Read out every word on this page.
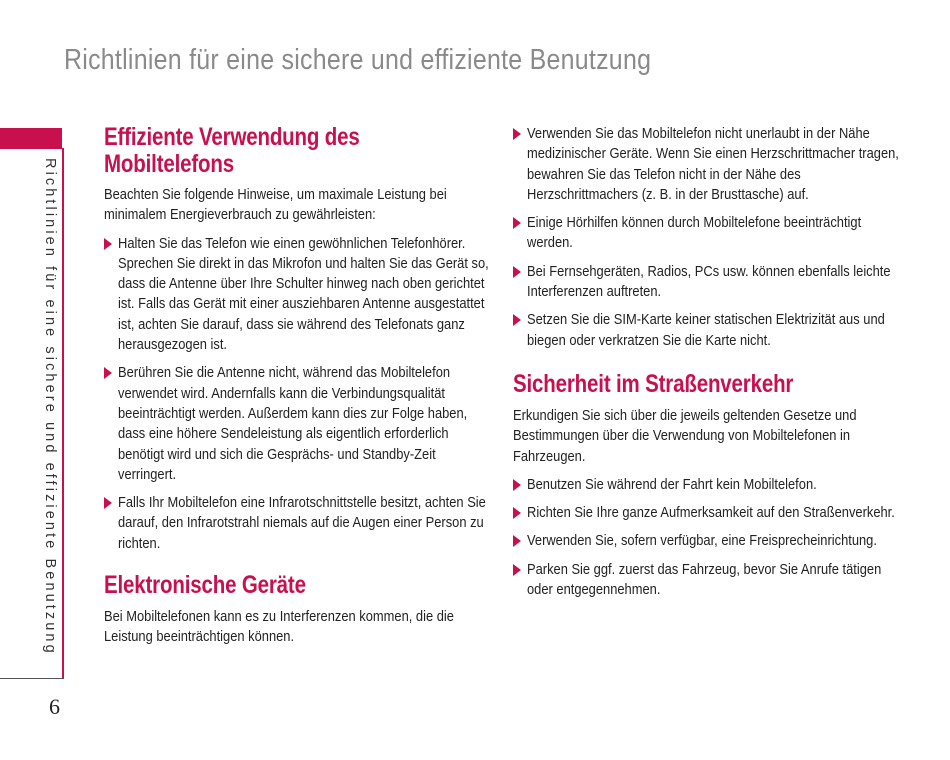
Richtlinien für eine sichere und effiziente Benutzung
Richtlinien für eine sichere und effiziente Benutzung
6
Effiziente Verwendung des Mobiltelefons

Beachten Sie folgende Hinweise, um maximale Leistung bei minimalem Energieverbrauch zu gewährleisten:

Halten Sie das Telefon wie einen gewöhnlichen Telefonhörer. Sprechen Sie direkt in das Mikrofon und halten Sie das Gerät so, dass die Antenne über Ihre Schulter hinweg nach oben gerichtet ist. Falls das Gerät mit einer ausziehbaren Antenne ausgestattet ist, achten Sie darauf, dass sie während des Telefonats ganz herausgezogen ist.
Berühren Sie die Antenne nicht, während das Mobiltelefon verwendet wird. Andernfalls kann die Verbindungsqualität beeinträchtigt werden. Außerdem kann dies zur Folge haben, dass eine höhere Sendeleistung als eigentlich erforderlich benötigt wird und sich die Gesprächs- und Standby-Zeit verringert.
Falls Ihr Mobiltelefon eine Infrarotschnittstelle besitzt, achten Sie darauf, den Infrarotstrahl niemals auf die Augen einer Person zu richten.
Elektronische Geräte

Bei Mobiltelefonen kann es zu Interferenzen kommen, die die Leistung beeinträchtigen können.

Verwenden Sie das Mobiltelefon nicht unerlaubt in der Nähe medizinischer Geräte. Wenn Sie einen Herzschrittmacher tragen, bewahren Sie das Telefon nicht in der Nähe des Herzschrittmachers (z. B. in der Brusttasche) auf.
Einige Hörhilfen können durch Mobiltelefone beeinträchtigt werden.
Bei Fernsehgeräten, Radios, PCs usw. können ebenfalls leichte Interferenzen auftreten.
Setzen Sie die SIM-Karte keiner statischen Elektrizität aus und biegen oder verkratzen Sie die Karte nicht.
Sicherheit im Straßenverkehr

Erkundigen Sie sich über die jeweils geltenden Gesetze und Bestimmungen über die Verwendung von Mobiltelefonen in Fahrzeugen.

Benutzen Sie während der Fahrt kein Mobiltelefon.
Richten Sie Ihre ganze Aufmerksamkeit auf den Straßenverkehr.
Verwenden Sie, sofern verfügbar, eine Freisprecheinrichtung.
Parken Sie ggf. zuerst das Fahrzeug, bevor Sie Anrufe tätigen oder entgegennehmen.
